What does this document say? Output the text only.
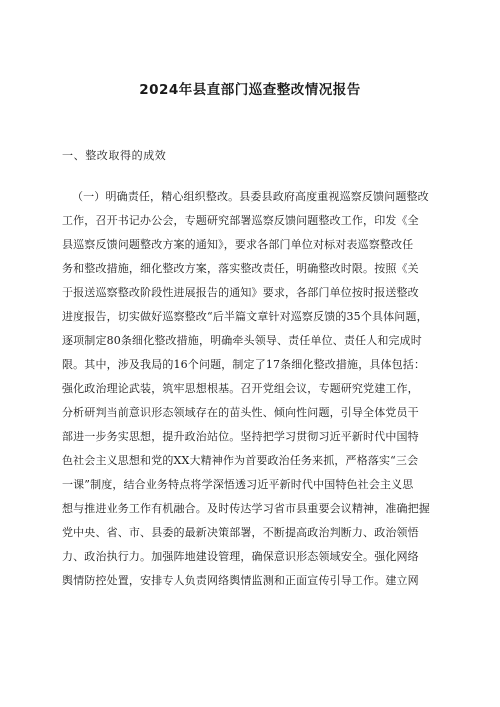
2024年县直部门巡查整改情况报告
一、整改取得的成效
（一）明确责任，精心组织整改。县委县政府高度重视巡察反馈问题整改
工作，召开书记办公会，专题研究部署巡察反馈问题整改工作，印发《全
县巡察反馈问题整改方案的通知》，要求各部门单位对标对表巡察整改任
务和整改措施，细化整改方案，落实整改责任，明确整改时限。按照《关
于报送巡察整改阶段性进展报告的通知》要求，各部门单位按时报送整改
进度报告，切实做好巡察整改“后半篇文章针对巡察反馈的35个具体问题，
逐项制定80条细化整改措施，明确牵头领导、责任单位、责任人和完成时
限。其中，涉及我局的16个问题，制定了17条细化整改措施，具体包括：
强化政治理论武装，筑牢思想根基。召开党组会议，专题研究党建工作，
分析研判当前意识形态领域存在的苗头性、倾向性问题，引导全体党员干
部进一步务实思想，提升政治站位。坚持把学习贯彻习近平新时代中国特
色社会主义思想和党的XX大精神作为首要政治任务来抓，严格落实“三会
一课”制度，结合业务特点将学深悟透习近平新时代中国特色社会主义思
想与推进业务工作有机融合。及时传达学习省市县重要会议精神，准确把握
党中央、省、市、县委的最新决策部署，不断提高政治判断力、政治领悟
力、政治执行力。加强阵地建设管理，确保意识形态领域安全。强化网络
舆情防控处置，安排专人负责网络舆情监测和正面宣传引导工作。建立网
